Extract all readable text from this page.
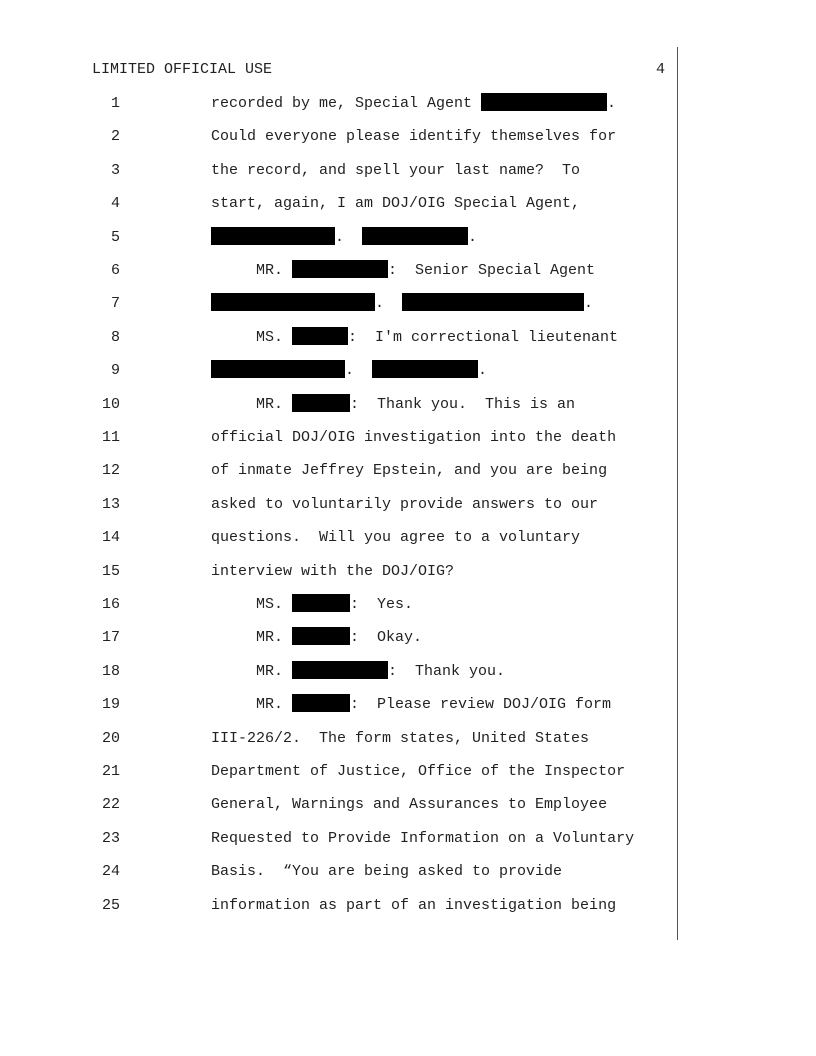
LIMITED OFFICIAL USE	4
1	recorded by me, Special Agent	.
2	Could everyone please identify themselves for
3	the record, and spell your last name?  To
4	start, again, I am DOJ/OIG Special Agent,
5	.	.
6	MR.	:  Senior Special Agent
7	.	.
8	MS.	:  I'm correctional lieutenant
9	.	.
10	MR.	:  Thank you.  This is an
11	official DOJ/OIG investigation into the death
12	of inmate Jeffrey Epstein, and you are being
13	asked to voluntarily provide answers to our
14	questions.  Will you agree to a voluntary
15	interview with the DOJ/OIG?
16	MS.	:  Yes.
17	MR.	:  Okay.
18	MR.	:  Thank you.
19	MR.	:  Please review DOJ/OIG form
20	III-226/2.  The form states, United States
21	Department of Justice, Office of the Inspector
22	General, Warnings and Assurances to Employee
23	Requested to Provide Information on a Voluntary
24	Basis.  “You are being asked to provide
25	information as part of an investigation being
